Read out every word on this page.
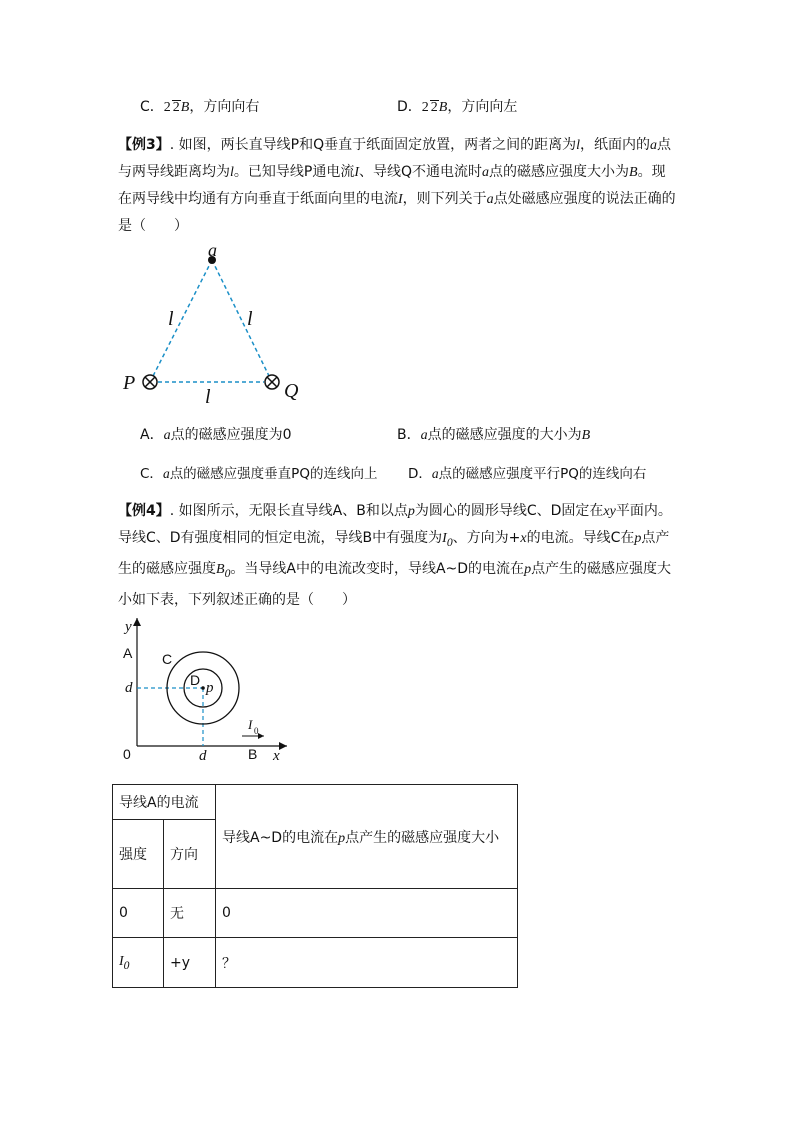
C．2 2B，方向向右	D．2 2B，方向向左
【例3】. 如图，两长直导线P和Q垂直于纸面固定放置，两者之间的距离为l，纸面内的a点与两导线距离均为l。已知导线P通电流I、导线Q不通电流时a点的磁感应强度大小为B。现在两导线中均通有方向垂直于纸面向里的电流I，则下列关于a点处磁感应强度的说法正确的是（　　）
a
l	l
l
P	Q
A．a点的磁感应强度为0	B．a点的磁感应强度的大小为B
C．a点的磁感应强度垂直PQ的连线向上 D．a点的磁感应强度平行PQ的连线向右
【例4】. 如图所示，无限长直导线A、B和以点p为圆心的圆形导线C、D固定在xy平面内。导线C、D有强度相同的恒定电流，导线B中有强度为$I_0$、方向为+x的电流。导线C在p点产生的磁感应强度$B_0$。当导线A中的电流改变时，导线A~D的电流在p点产生的磁感应强度大小如下表，下列叙述正确的是（　　）
y
x
A
B
C
D p
d
d
0
I 0
导线A的电流		导线A~D的电流在p点产生的磁感应强度大小
强度	方向	
0	无	0
$I_0$	+y	？
